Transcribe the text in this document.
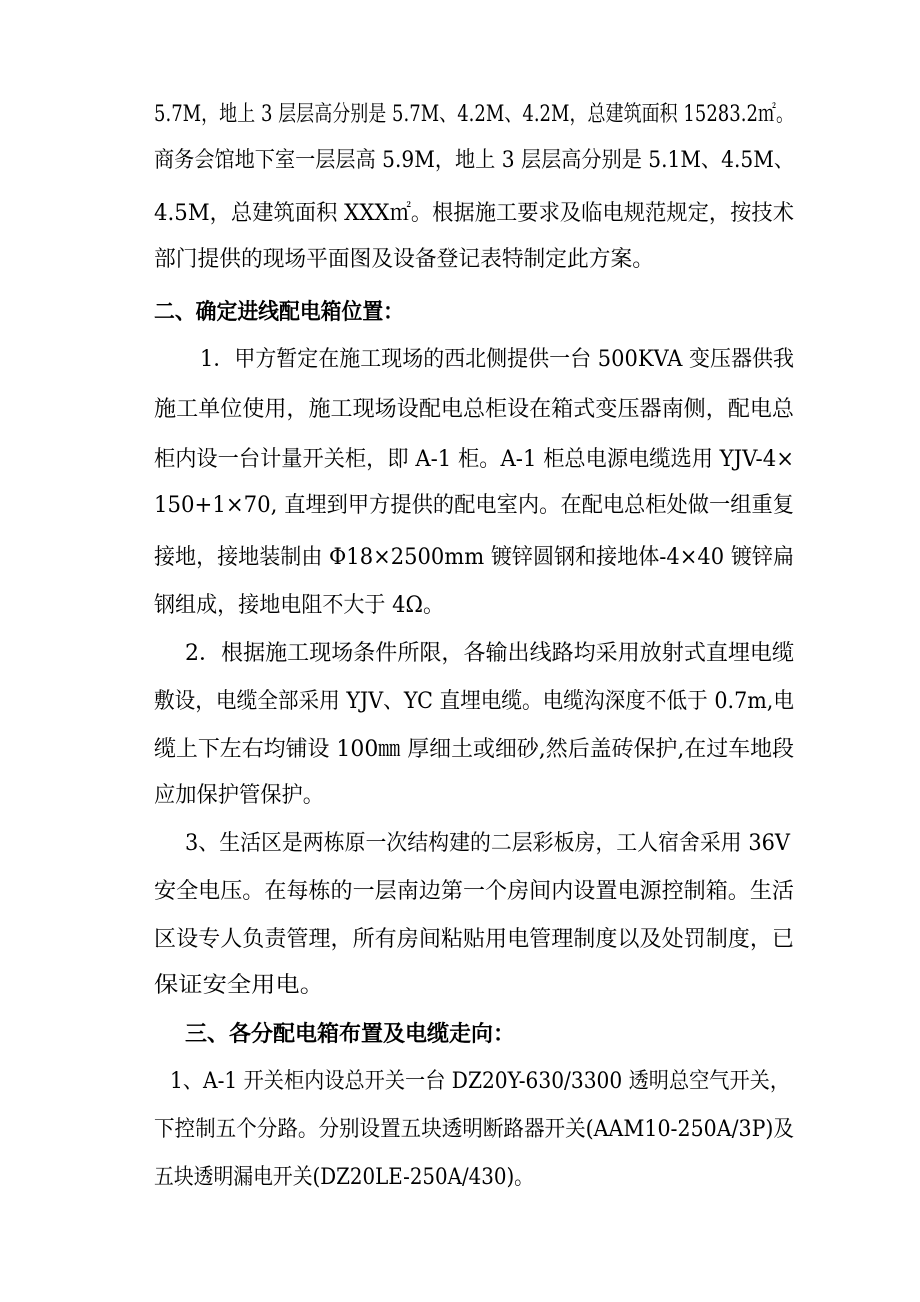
5.7M，地上 3 层层高分别是 5.7M、4.2M、4.2M，总建筑面积 15283.2㎡。

商务会馆地下室一层层高 5.9M，地上 3 层层高分别是 5.1M、4.5M、

4.5M，总建筑面积 XXX㎡。根据施工要求及临电规范规定，按技术

部门提供的现场平面图及设备登记表特制定此方案。

二、确定进线配电箱位置：

1．甲方暂定在施工现场的西北侧提供一台 500KVA 变压器供我

施工单位使用，施工现场设配电总柜设在箱式变压器南侧，配电总

柜内设一台计量开关柜，即 A-1 柜。A-1 柜总电源电缆选用 YJV-4×

150+1×70, 直埋到甲方提供的配电室内。在配电总柜处做一组重复

接地，接地装制由 Φ18×2500mm 镀锌圆钢和接地体-4×40 镀锌扁

钢组成，接地电阻不大于 4Ω。

2．根据施工现场条件所限，各输出线路均采用放射式直埋电缆

敷设，电缆全部采用 YJV、YC 直埋电缆。电缆沟深度不低于 0.7m,电

缆上下左右均铺设 100㎜ 厚细土或细砂,然后盖砖保护,在过车地段

应加保护管保护。

3、生活区是两栋原一次结构建的二层彩板房，工人宿舍采用 36V

安全电压。在每栋的一层南边第一个房间内设置电源控制箱。生活

区设专人负责管理，所有房间粘贴用电管理制度以及处罚制度，已

保证安全用电。

三、各分配电箱布置及电缆走向：

1、A-1 开关柜内设总开关一台 DZ20Y-630/3300 透明总空气开关，

下控制五个分路。分别设置五块透明断路器开关(AAM10-250A/3P)及

五块透明漏电开关(DZ20LE-250A/430)。
